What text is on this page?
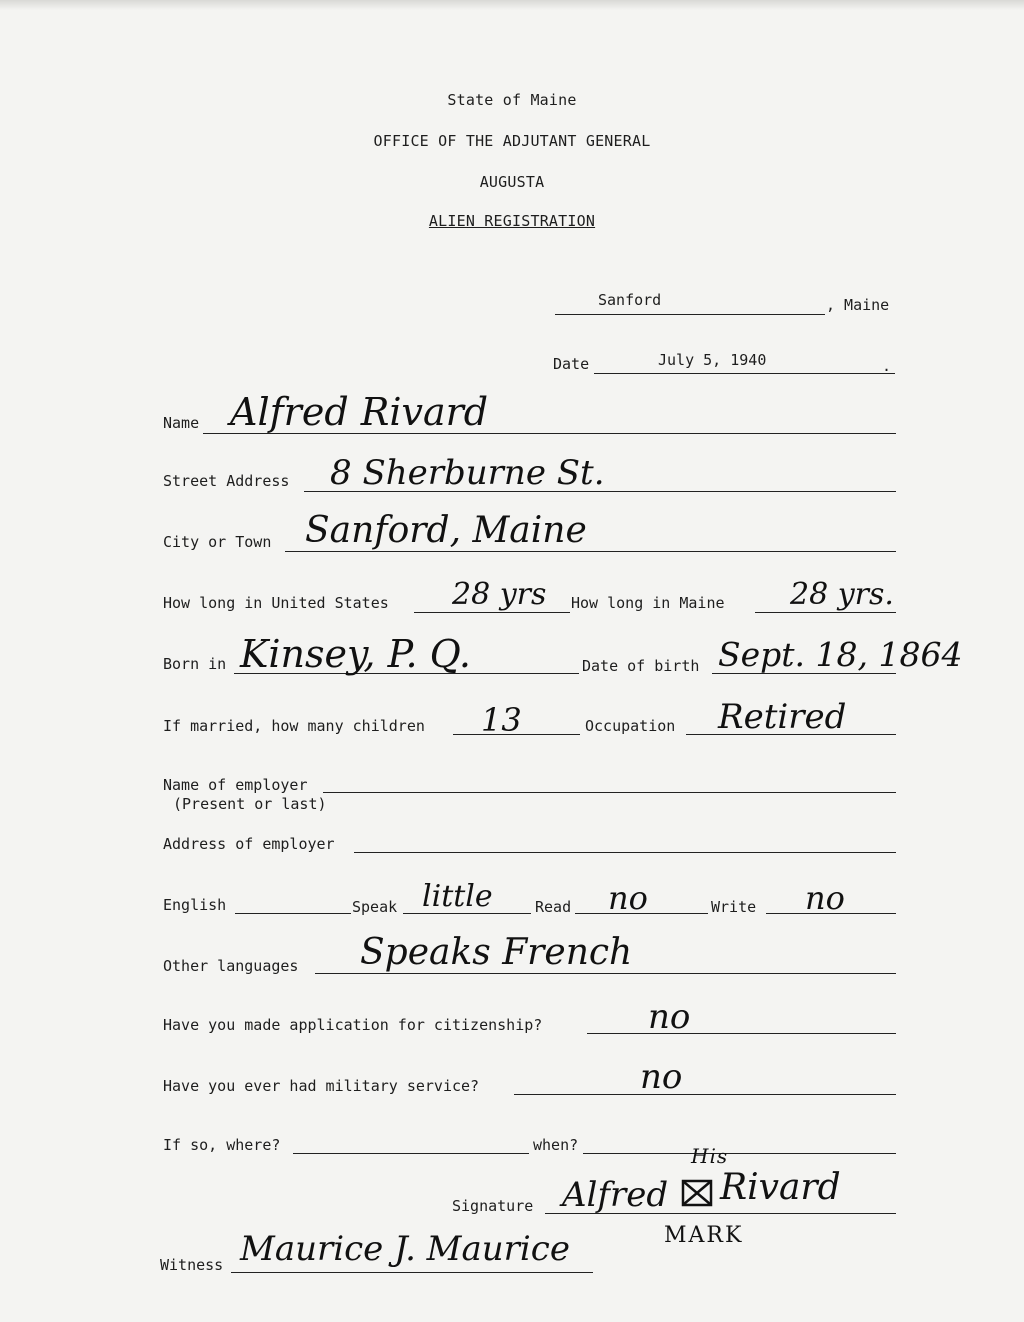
State of Maine
OFFICE OF THE ADJUTANT GENERAL
AUGUSTA
ALIEN REGISTRATION
Sanford	, Maine
Date	July 5, 1940	.
Name Alfred Rivard
Street Address 8 Sherburne St.
City or Town Sanford, Maine
How long in United States 28 yrs How long in Maine 28 yrs.
Born in Kinsey, P. Q.	Date of birth Sept. 18, 1864
If married, how many children 13	Occupation Retired
Name of employer
(Present or last)
Address of employer
English	Speak little	Read no	Write no
Other languages Speaks French
Have you made application for citizenship?	no
Have you ever had military service?	no
If so, where?	when?
Signature
His
Alfred Rivard
MARK
Witness Maurice J. Maurice
